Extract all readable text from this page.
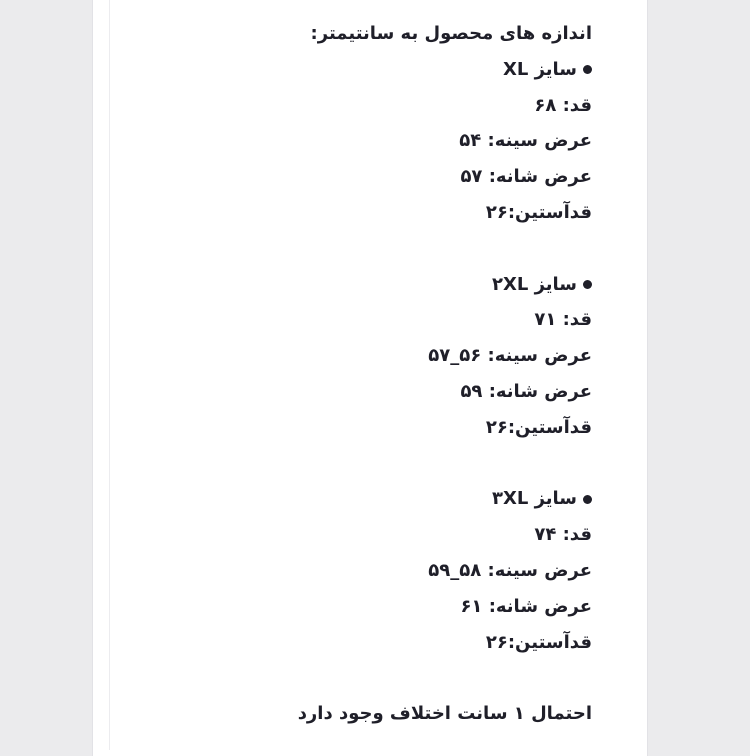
اندازه های محصول به سانتیمتر:
سایز XL
قد: ۶۸
عرض سینه: ۵۴
عرض شانه: ۵۷
قدآستین:۲۶
سایز ۲XL
قد: ۷۱
عرض سینه: ۵۶_۵۷
عرض شانه: ۵۹
قدآستین:۲۶
سایز ۳XL
قد: ۷۴
عرض سینه: ۵۸_۵۹
عرض شانه: ۶۱
قدآستین:۲۶
احتمال ۱ سانت اختلاف وجود دارد
